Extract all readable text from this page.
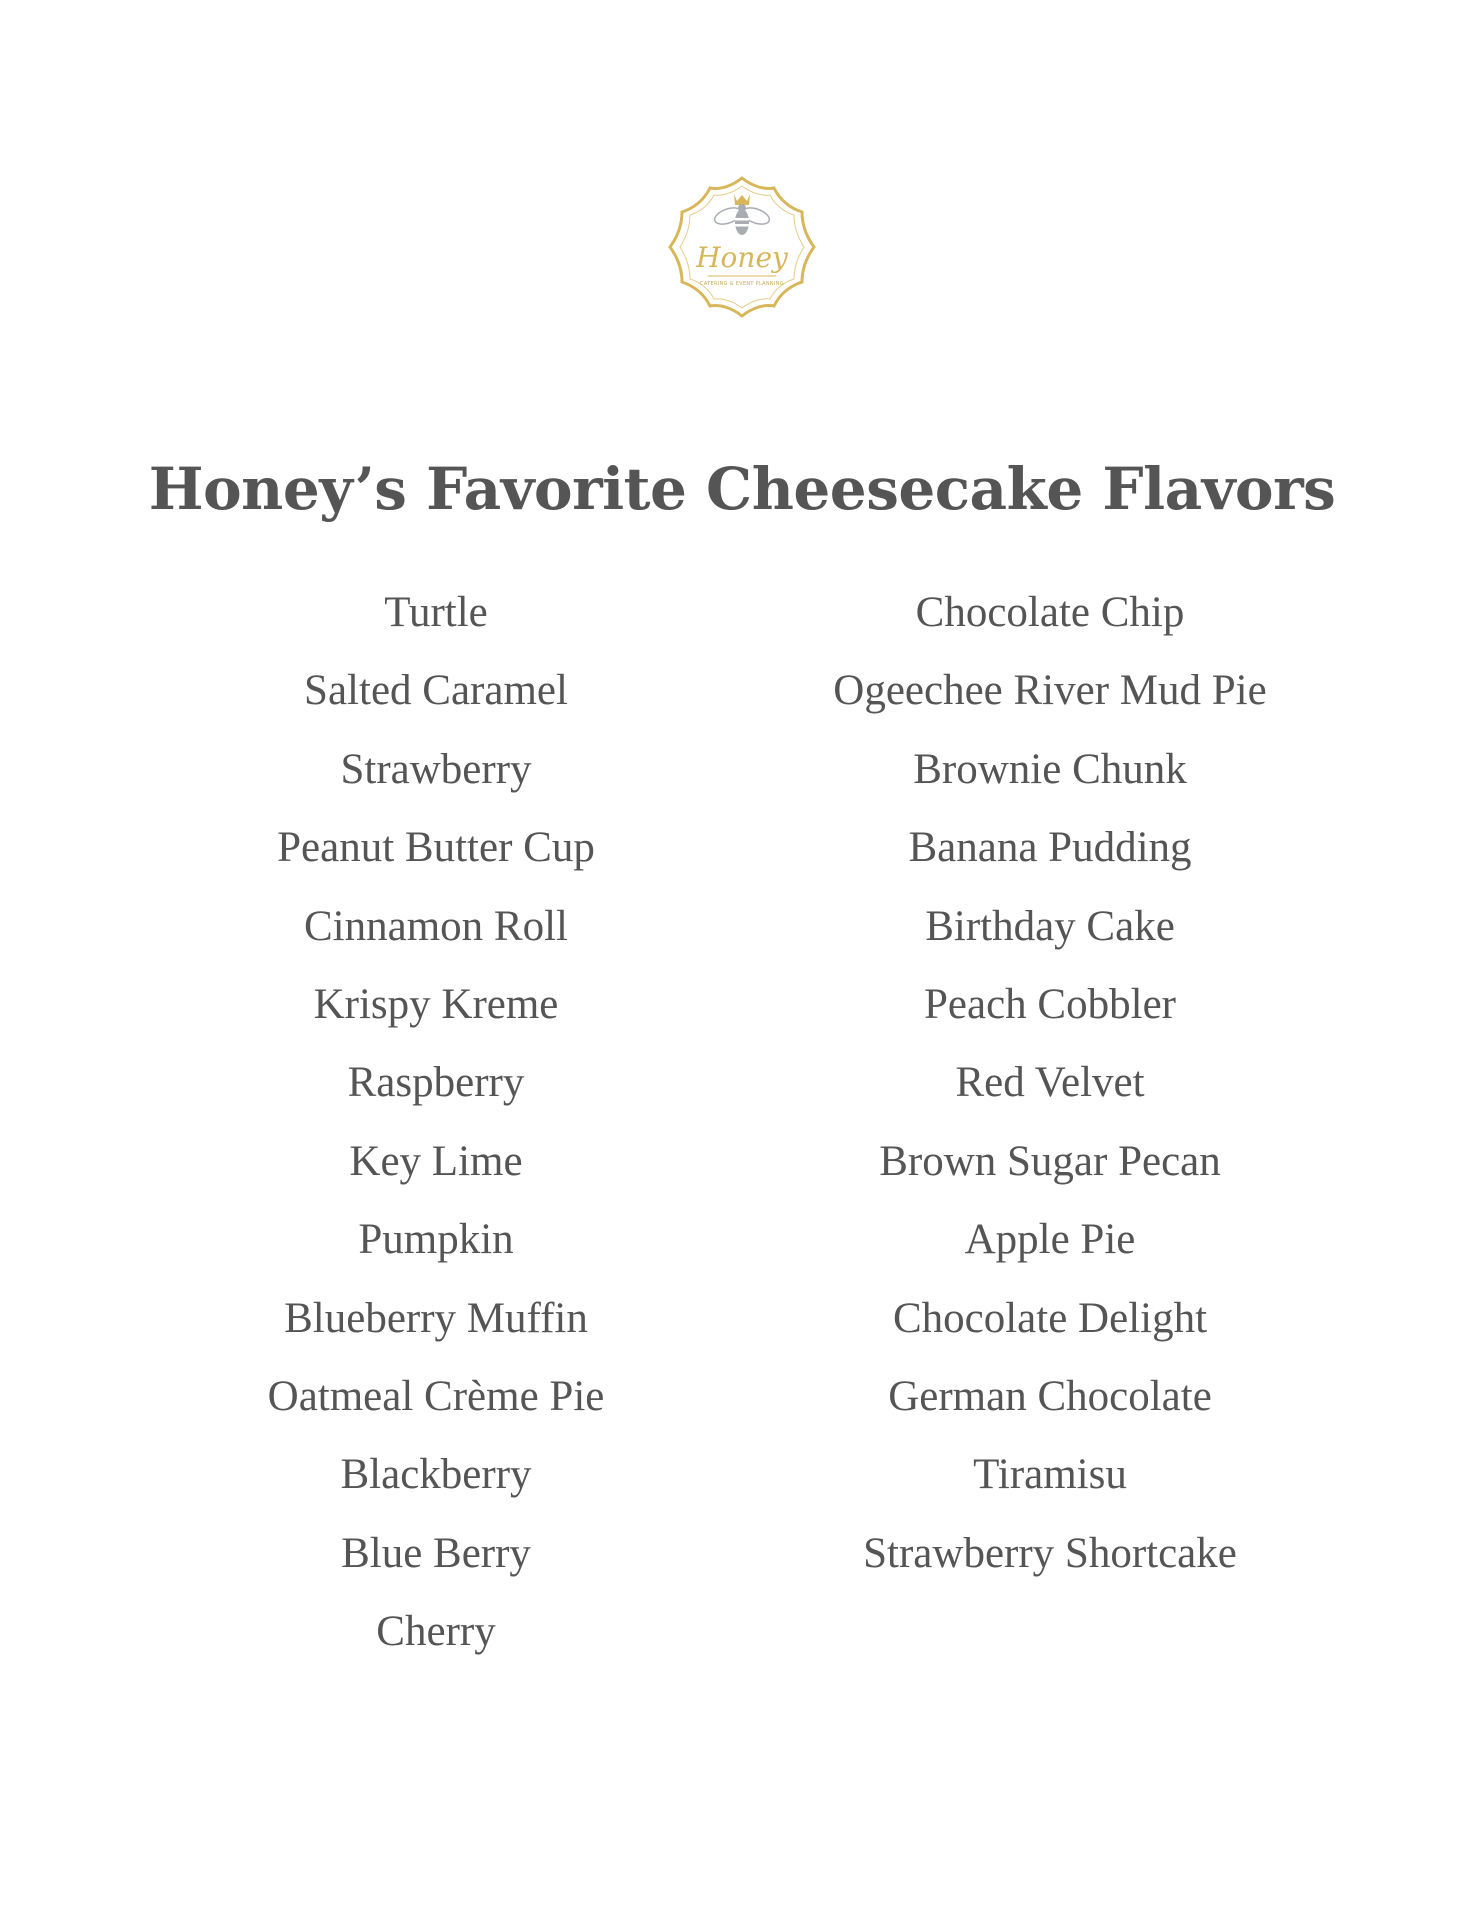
Honey
CATERING & EVENT PLANNING
Honey’s Favorite Cheesecake Flavors
Turtle
Salted Caramel
Strawberry
Peanut Butter Cup
Cinnamon Roll
Krispy Kreme
Raspberry
Key Lime
Pumpkin
Blueberry Muffin
Oatmeal Crème Pie
Blackberry
Blue Berry
Cherry
Chocolate Chip
Ogeechee River Mud Pie
Brownie Chunk
Banana Pudding
Birthday Cake
Peach Cobbler
Red Velvet
Brown Sugar Pecan
Apple Pie
Chocolate Delight
German Chocolate
Tiramisu
Strawberry Shortcake
